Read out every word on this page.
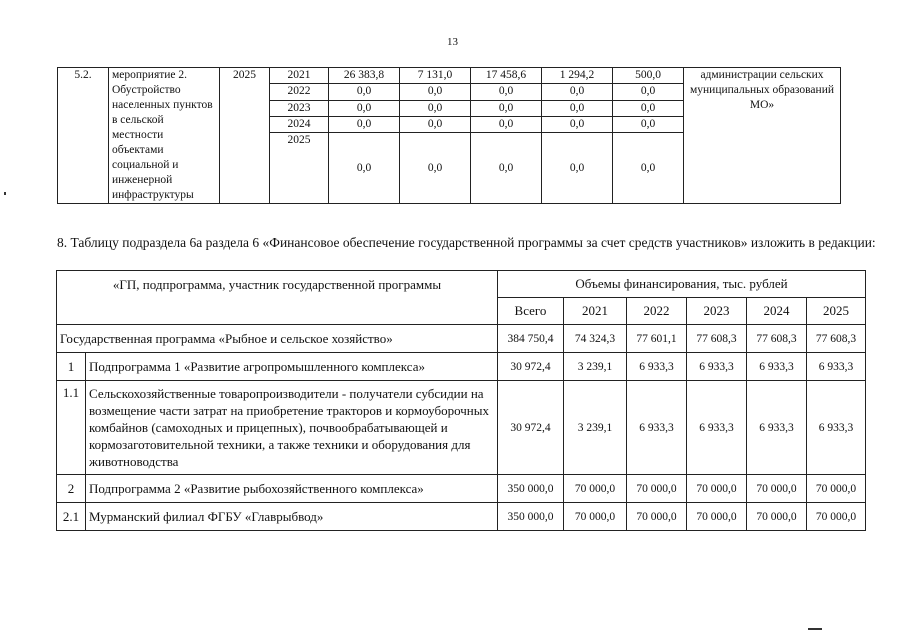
13
5.2.	мероприятие 2. Обустройство населенных пунктов в сельской местности объектами социальной и инженерной инфраструктуры	2025	2021	26 383,8	7 131,0	17 458,6	1 294,2	500,0	администрации сельских муниципальных образований МО»
			2022	0,0	0,0	0,0	0,0	0,0	
			2023	0,0	0,0	0,0	0,0	0,0	
			2024	0,0	0,0	0,0	0,0	0,0	
			2025	0,0	0,0	0,0	0,0	0,0	
8. Таблицу подраздела 6а раздела 6 «Финансовое обеспечение государственной программы за счет средств участников» изложить в редакции:
«ГП, подпрограмма, участник государственной программы		Объемы финансирования, тыс. рублей					
		Всего	2021	2022	2023	2024	2025
Государственная программа «Рыбное и сельское хозяйство»		384 750,4	74 324,3	77 601,1	77 608,3	77 608,3	77 608,3
1	Подпрограмма 1 «Развитие агропромышленного комплекса»	30 972,4	3 239,1	6 933,3	6 933,3	6 933,3	6 933,3
1.1	Сельскохозяйственные товаропроизводители - получатели субсидии на возмещение части затрат на приобретение тракторов и кормоуборочных комбайнов (самоходных и прицепных), почвообрабатывающей и кормозаготовительной техники, а также техники и оборудования для животноводства	30 972,4	3 239,1	6 933,3	6 933,3	6 933,3	6 933,3
2	Подпрограмма 2 «Развитие рыбохозяйственного комплекса»	350 000,0	70 000,0	70 000,0	70 000,0	70 000,0	70 000,0
2.1	Мурманский филиал ФГБУ «Главрыбвод»	350 000,0	70 000,0	70 000,0	70 000,0	70 000,0	70 000,0
